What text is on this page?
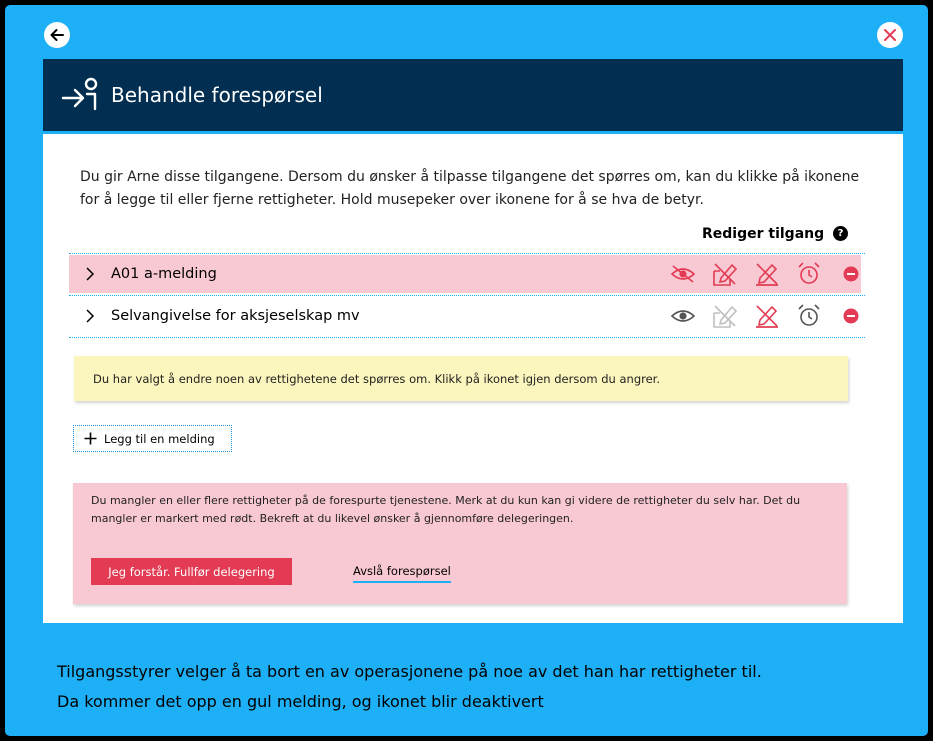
Behandle forespørsel
Du gir Arne disse tilgangene. Dersom du ønsker å tilpasse tilgangene det spørres om, kan du klikke på ikonene for å legge til eller fjerne rettigheter. Hold musepeker over ikonene for å se hva de betyr.
Rediger tilgang	?
A01 a-melding
Selvangivelse for aksjeselskap mv
Du har valgt å endre noen av rettighetene det spørres om. Klikk på ikonet igjen dersom du angrer.
Legg til en melding
Du mangler en eller flere rettigheter på de forespurte tjenestene. Merk at du kun kan gi videre de rettigheter du selv har. Det du mangler er markert med rødt. Bekreft at du likevel ønsker å gjennomføre delegeringen.
Jeg forstår. Fullfør delegering	Avslå forespørsel
Tilgangsstyrer velger å ta bort en av operasjonene på noe av det han har rettigheter til.
Da kommer det opp en gul melding, og ikonet blir deaktivert
